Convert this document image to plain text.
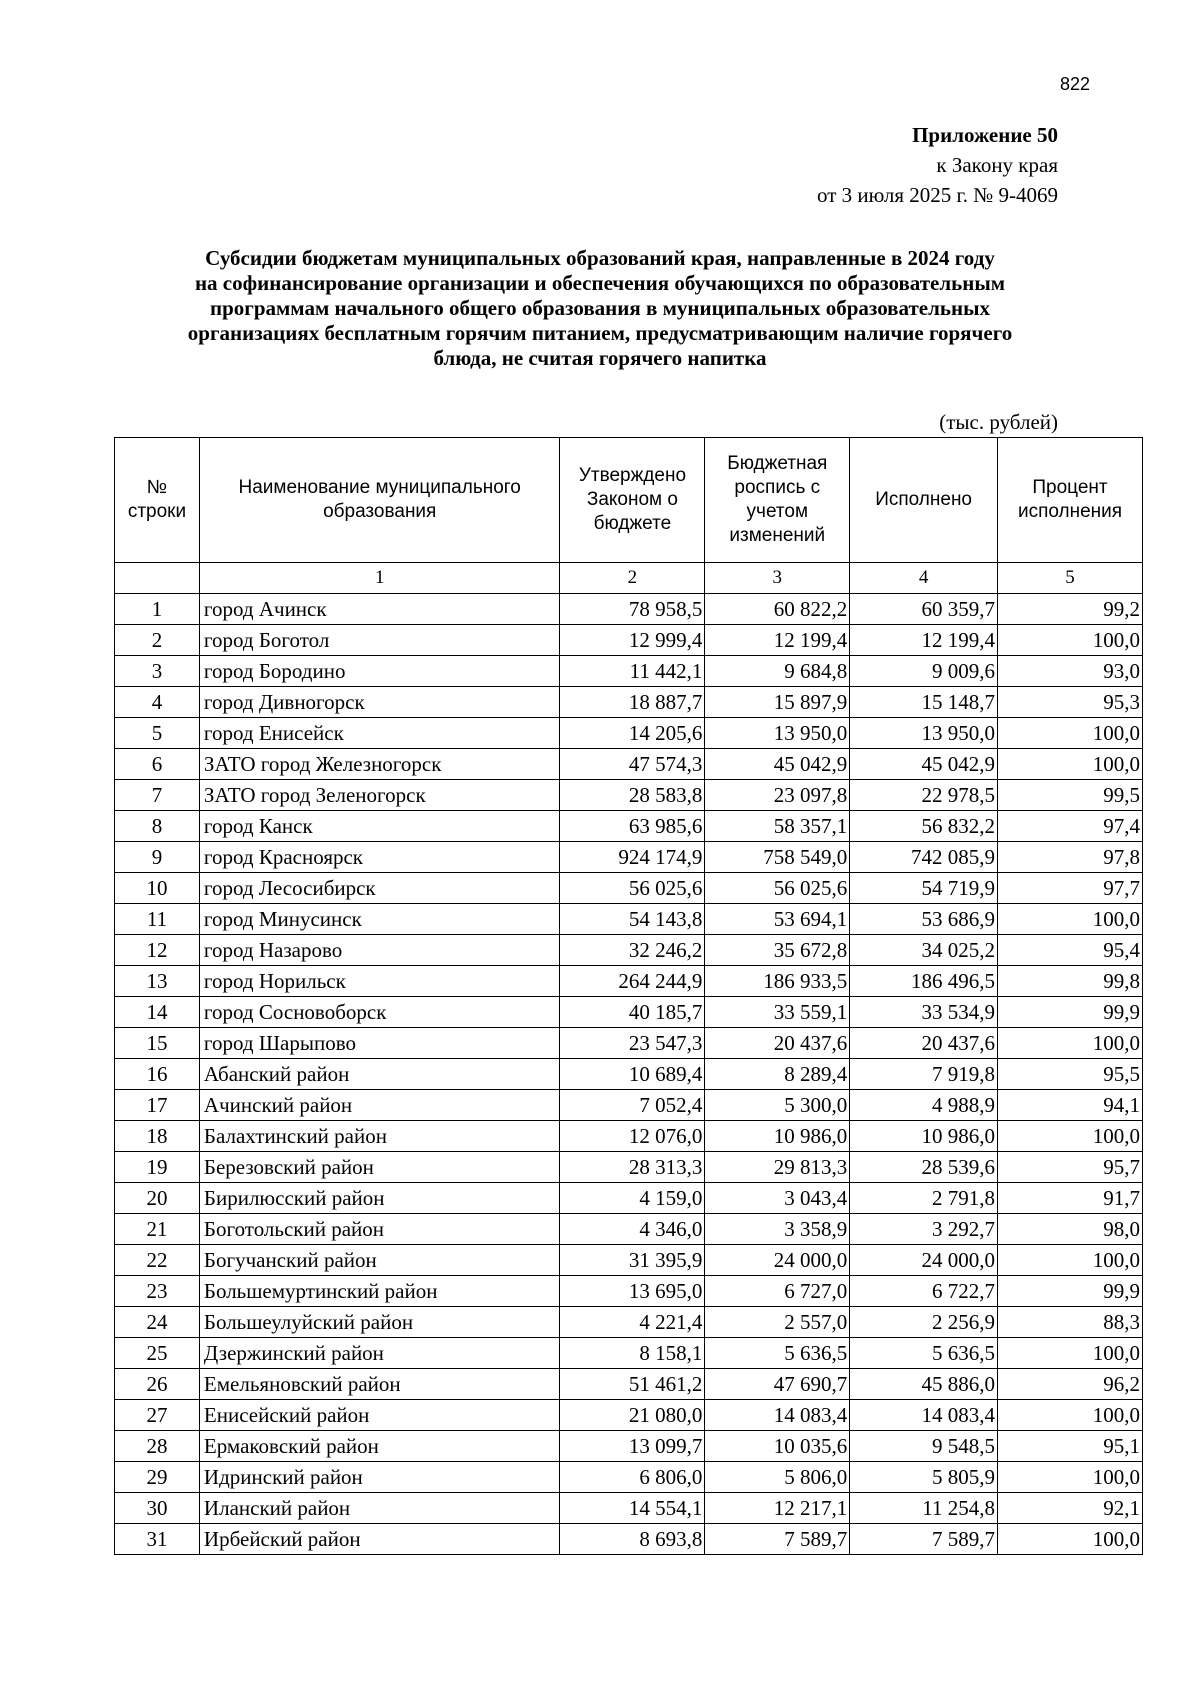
822
Приложение 50
к Закону края
от 3 июля 2025 г. № 9-4069
Субсидии бюджетам муниципальных образований края, направленные в 2024 году
на софинансирование организации и обеспечения обучающихся по образовательным
программам начального общего образования в муниципальных образовательных
организациях бесплатным горячим питанием, предусматривающим наличие горячего
блюда, не считая горячего напитка
(тыс. рублей)
№
строки	Наименование муниципального образования	Утверждено Законом о бюджете	Бюджетная роспись с учетом изменений	Исполнено	Процент исполнения
	1	2	3	4	5
1	город Ачинск	78 958,5	60 822,2	60 359,7	99,2
2	город Боготол	12 999,4	12 199,4	12 199,4	100,0
3	город Бородино	11 442,1	9 684,8	9 009,6	93,0
4	город Дивногорск	18 887,7	15 897,9	15 148,7	95,3
5	город Енисейск	14 205,6	13 950,0	13 950,0	100,0
6	ЗАТО город Железногорск	47 574,3	45 042,9	45 042,9	100,0
7	ЗАТО город Зеленогорск	28 583,8	23 097,8	22 978,5	99,5
8	город Канск	63 985,6	58 357,1	56 832,2	97,4
9	город Красноярск	924 174,9	758 549,0	742 085,9	97,8
10	город Лесосибирск	56 025,6	56 025,6	54 719,9	97,7
11	город Минусинск	54 143,8	53 694,1	53 686,9	100,0
12	город Назарово	32 246,2	35 672,8	34 025,2	95,4
13	город Норильск	264 244,9	186 933,5	186 496,5	99,8
14	город Сосновоборск	40 185,7	33 559,1	33 534,9	99,9
15	город Шарыпово	23 547,3	20 437,6	20 437,6	100,0
16	Абанский район	10 689,4	8 289,4	7 919,8	95,5
17	Ачинский район	7 052,4	5 300,0	4 988,9	94,1
18	Балахтинский район	12 076,0	10 986,0	10 986,0	100,0
19	Березовский район	28 313,3	29 813,3	28 539,6	95,7
20	Бирилюсский район	4 159,0	3 043,4	2 791,8	91,7
21	Боготольский район	4 346,0	3 358,9	3 292,7	98,0
22	Богучанский район	31 395,9	24 000,0	24 000,0	100,0
23	Большемуртинский район	13 695,0	6 727,0	6 722,7	99,9
24	Большеулуйский район	4 221,4	2 557,0	2 256,9	88,3
25	Дзержинский район	8 158,1	5 636,5	5 636,5	100,0
26	Емельяновский район	51 461,2	47 690,7	45 886,0	96,2
27	Енисейский район	21 080,0	14 083,4	14 083,4	100,0
28	Ермаковский район	13 099,7	10 035,6	9 548,5	95,1
29	Идринский район	6 806,0	5 806,0	5 805,9	100,0
30	Иланский район	14 554,1	12 217,1	11 254,8	92,1
31	Ирбейский район	8 693,8	7 589,7	7 589,7	100,0
